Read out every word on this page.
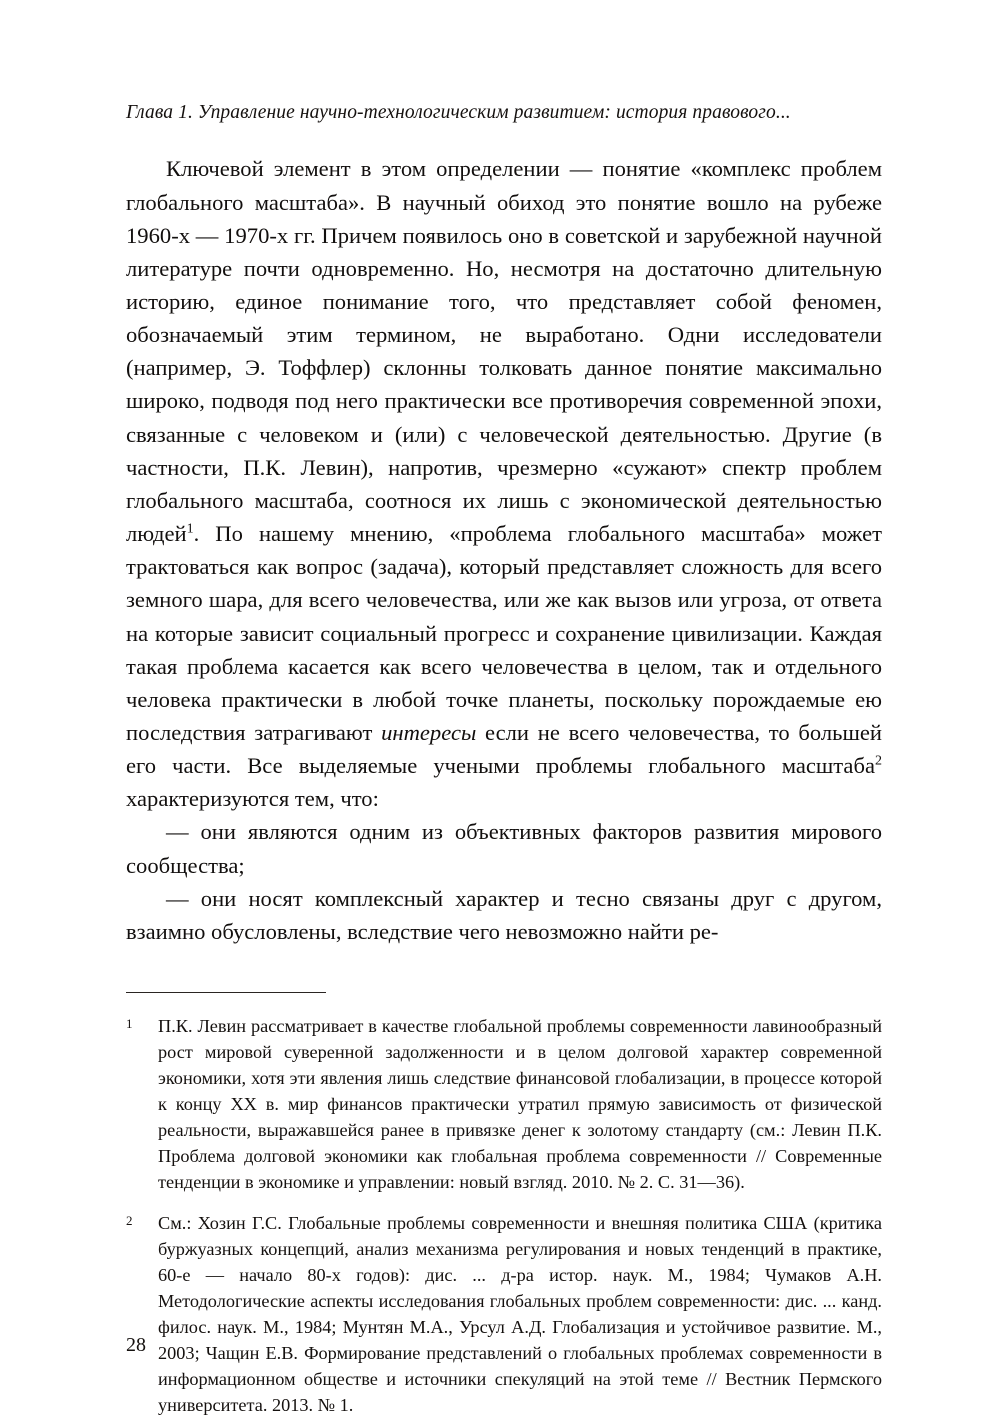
Глава 1. Управление научно-технологическим развитием: история правового...

Ключевой элемент в этом определении — понятие «комплекс проблем глобального масштаба». В научный обиход это понятие вошло на рубеже 1960-х — 1970-х гг. Причем появилось оно в советской и зарубежной научной литературе почти одновременно. Но, несмотря на достаточно длительную историю, единое понимание того, что представляет собой феномен, обозначаемый этим термином, не выработано. Одни исследователи (например, Э. Тоффлер) склонны толковать данное понятие максимально широко, подводя под него практически все противоречия современной эпохи, связанные с человеком и (или) с человеческой деятельностью. Другие (в частности, П.К. Левин), напротив, чрезмерно «сужают» спектр проблем глобального масштаба, соотнося их лишь с экономической деятельностью людей$^1$. По нашему мнению, «проблема глобального масштаба» может трактоваться как вопрос (задача), который представляет сложность для всего земного шара, для всего человечества, или же как вызов или угроза, от ответа на которые зависит социальный прогресс и сохранение цивилизации. Каждая такая проблема касается как всего человечества в целом, так и отдельного человека практически в любой точке планеты, поскольку порождаемые ею последствия затрагивают интересы если не всего человечества, то большей его части. Все выделяемые учеными проблемы глобального масштаба$^2$ характеризуются тем, что:

— они являются одним из объективных факторов развития мирового сообщества;

— они носят комплексный характер и тесно связаны друг с другом, взаимно обусловлены, вследствие чего невозможно найти ре-

1	П.К. Левин рассматривает в качестве глобальной проблемы современности лавинообразный рост мировой суверенной задолженности и в целом долговой характер современной экономики, хотя эти явления лишь следствие финансовой глобализации, в процессе которой к концу XX в. мир финансов практически утратил прямую зависимость от физической реальности, выражавшейся ранее в привязке денег к золотому стандарту (см.: Левин П.К. Проблема долговой экономики как глобальная проблема современности // Современные тенденции в экономике и управлении: новый взгляд. 2010. № 2. С. 31—36).
2	См.: Хозин Г.С. Глобальные проблемы современности и внешняя политика США (критика буржуазных концепций, анализ механизма регулирования и новых тенденций в практике, 60-е — начало 80-х годов): дис. ... д-ра истор. наук. М., 1984; Чумаков А.Н. Методологические аспекты исследования глобальных проблем современности: дис. ... канд. филос. наук. М., 1984; Мунтян М.А., Урсул А.Д. Глобализация и устойчивое развитие. М., 2003; Чащин Е.В. Формирование представлений о глобальных проблемах современности в информационном обществе и источники спекуляций на этой теме // Вестник Пермского университета. 2013. № 1.
28
